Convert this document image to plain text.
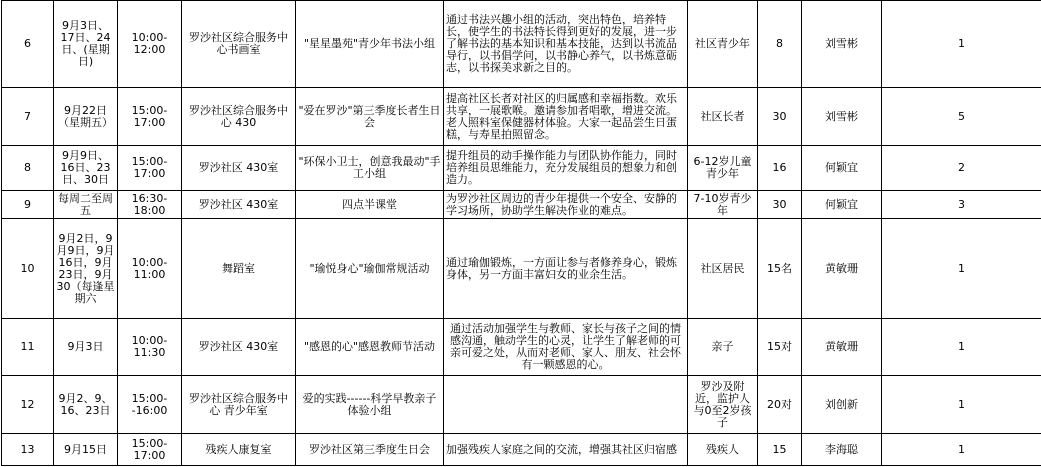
6	9月3日、17日、24日、(星期日)	10:00-12:00	罗沙社区综合服务中心书画室	"星星墨苑"青少年书法小组	通过书法兴趣小组的活动，突出特色，培养特长，使学生的书法特长得到更好的发展，进一步了解书法的基本知识和基本技能，达到以书流品导行，以书倡学问，以书静心养气，以书炼意砺志，以书探美求新之目的。	社区青少年	8	刘雪彬	1
7	9月22日（星期五）	15:00-17:00	罗沙社区综合服务中心 430	"爱在罗沙"第三季度长者生日会	提高社区长者对社区的归属感和幸福指数。欢乐共享，一展歌喉。邀请参加者唱歌，增进交流。老人照料室保健器材体验。大家一起品尝生日蛋糕，与寿星拍照留念。	社区长者	30	刘雪彬	5
8	9月9日、16日、23日、30日	15:00-17:00	罗沙社区 430室	"环保小卫士，创意我最动"手工小组	提升组员的动手操作能力与团队协作能力，同时培养组员思维能力，充分发展组员的想象力和创造力。	6-12岁儿童青少年	16	何颖宜	2
9	每周二至周五	16:30-18:00	罗沙社区 430室	四点半课堂	为罗沙社区周边的青少年提供一个安全、安静的学习场所，协助学生解决作业的难点。	7-10岁青少年	30	何颖宜	3
10	9月2日，9月9日，9月16日，9月23日，9月30（每逢星期六	10:00-11:00	舞蹈室	"瑜悦身心"瑜伽常规活动	通过瑜伽锻炼，一方面让参与者修养身心，锻炼身体，另一方面丰富妇女的业余生活。	社区居民	15名	黄敏珊	1
11	9月3日	10:00-11:30	罗沙社区 430室	"感恩的心"感恩教师节活动	通过活动加强学生与教师、家长与孩子之间的情感沟通，触动学生的心灵，让学生了解老师的可亲可爱之处，从而对老师、家人、朋友、社会怀有一颗感恩的心。	亲子	15对	黄敏珊	1
12	9月2、9、16、23日	15:00--16:00	罗沙社区综合服务中心 青少年室	爱的实践------科学早教亲子体验小组		罗沙及附近，监护人与0至2岁孩子	20对	刘创新	1
13	9月15日	15:00-17:00	残疾人康复室	罗沙社区第三季度生日会	加强残疾人家庭之间的交流，增强其社区归宿感	残疾人	15	李海聪	1
